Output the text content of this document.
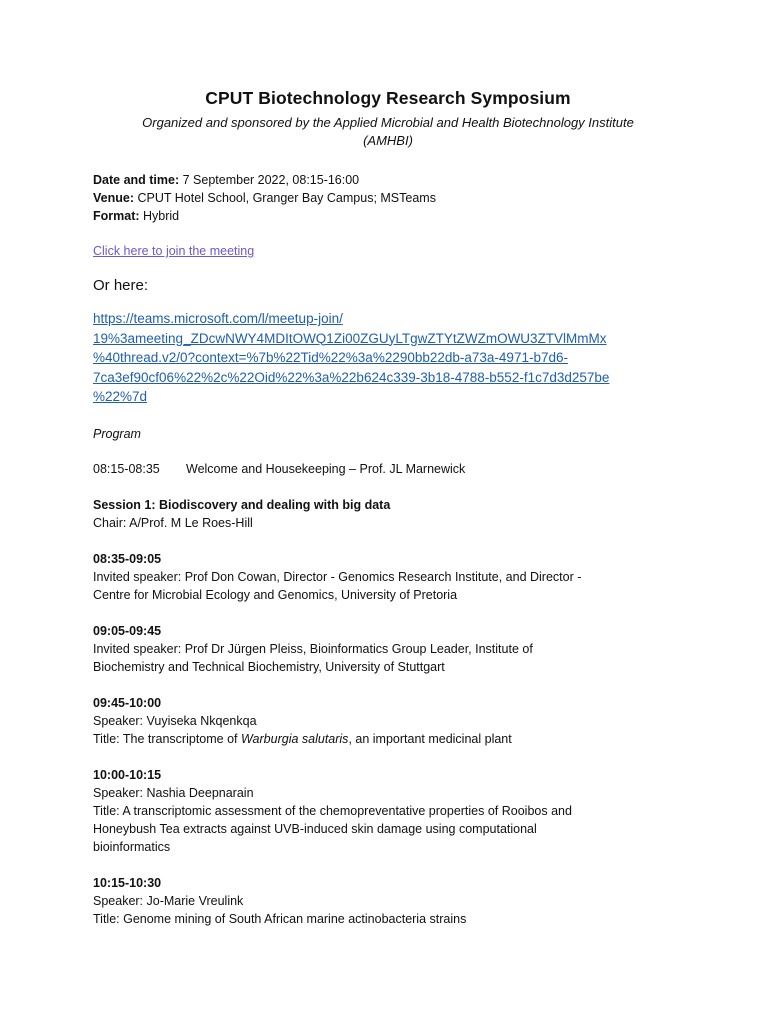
CPUT Biotechnology Research Symposium
Organized and sponsored by the Applied Microbial and Health Biotechnology Institute
(AMHBI)
Date and time: 7 September 2022, 08:15-16:00
Venue: CPUT Hotel School, Granger Bay Campus; MSTeams
Format: Hybrid
Click here to join the meeting
Or here:
https://teams.microsoft.com/l/meetup-join/
19%3ameeting_ZDcwNWY4MDItOWQ1Zi00ZGUyLTgwZTYtZWZmOWU3ZTVlMmMx
%40thread.v2/0?context=%7b%22Tid%22%3a%2290bb22db-a73a-4971-b7d6-
7ca3ef90cf06%22%2c%22Oid%22%3a%22b624c339-3b18-4788-b552-f1c7d3d257be
%22%7d
Program
08:15-08:35	Welcome and Housekeeping – Prof. JL Marnewick
Session 1: Biodiscovery and dealing with big data
Chair: A/Prof. M Le Roes-Hill
08:35-09:05
Invited speaker: Prof Don Cowan, Director - Genomics Research Institute, and Director -
Centre for Microbial Ecology and Genomics, University of Pretoria
09:05-09:45
Invited speaker: Prof Dr Jürgen Pleiss, Bioinformatics Group Leader, Institute of
Biochemistry and Technical Biochemistry, University of Stuttgart
09:45-10:00
Speaker: Vuyiseka Nkqenkqa
Title: The transcriptome of Warburgia salutaris, an important medicinal plant
10:00-10:15
Speaker: Nashia Deepnarain
Title: A transcriptomic assessment of the chemopreventative properties of Rooibos and
Honeybush Tea extracts against UVB-induced skin damage using computational
bioinformatics
10:15-10:30
Speaker: Jo-Marie Vreulink
Title: Genome mining of South African marine actinobacteria strains
